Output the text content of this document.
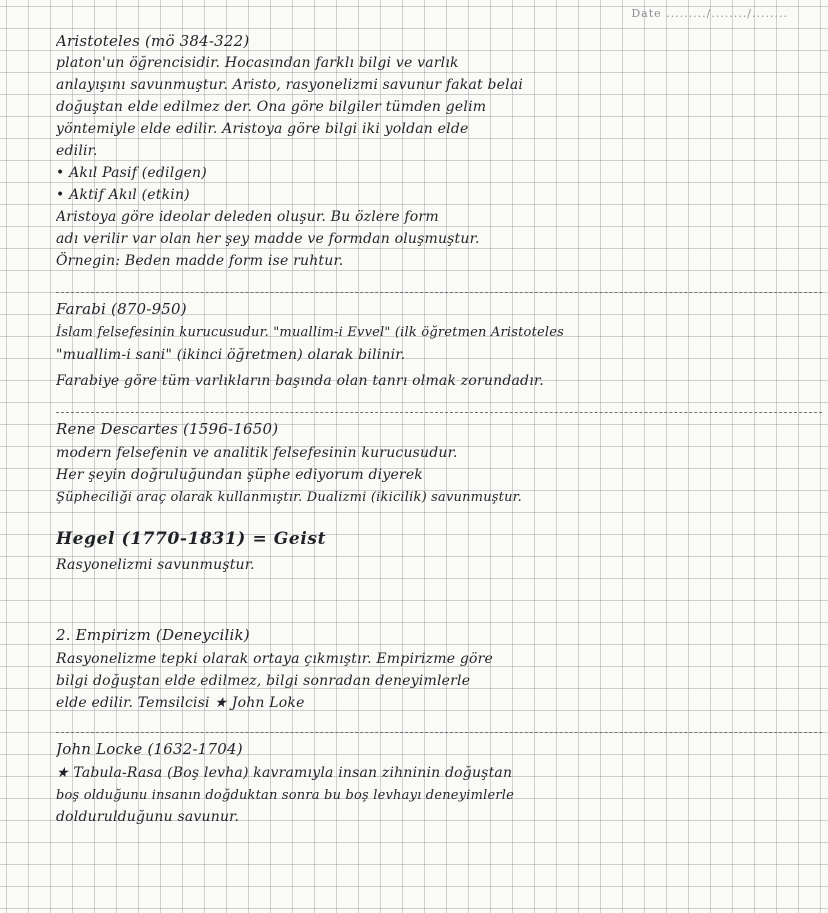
Date ........./......../........
Aristoteles (mö 384-322)
platon'un öğrencisidir. Hocasından farklı bilgi ve varlık
anlayışını savunmuştur. Aristo, rasyonelizmi savunur fakat belai
doğuştan elde edilmez der. Ona göre bilgiler tümden gelim
yöntemiyle elde edilir. Aristoya göre bilgi iki yoldan elde
edilir.
• Akıl Pasif (edilgen)
• Aktif Akıl (etkin)
Aristoya göre ideolar deleden oluşur. Bu özlere form
adı verilir var olan her şey madde ve formdan oluşmuştur.
Örnegin: Beden madde form ise ruhtur.
Farabi (870-950)
İslam felsefesinin kurucusudur. "muallim-i Evvel" (ilk öğretmen Aristoteles
"muallim-i sani" (ikinci öğretmen) olarak bilinir.
Farabiye göre tüm varlıkların başında olan tanrı olmak zorundadır.
Rene Descartes (1596-1650)
modern felsefenin ve analitik felsefesinin kurucusudur.
Her şeyin doğruluğundan şüphe ediyorum diyerek
Şüpheciliği araç olarak kullanmıştır. Dualizmi (ikicilik) savunmuştur.
Hegel (1770-1831) = Geist
Rasyonelizmi savunmuştur.
2. Empirizm (Deneycilik)
Rasyonelizme tepki olarak ortaya çıkmıştır. Empirizme göre
bilgi doğuştan elde edilmez, bilgi sonradan deneyimlerle
elde edilir. Temsilcisi ★ John Loke
John Locke (1632-1704)
★ Tabula-Rasa (Boş levha) kavramıyla insan zihninin doğuştan
boş olduğunu insanın doğduktan sonra bu boş levhayı deneyimlerle
doldurulduğunu savunur.
